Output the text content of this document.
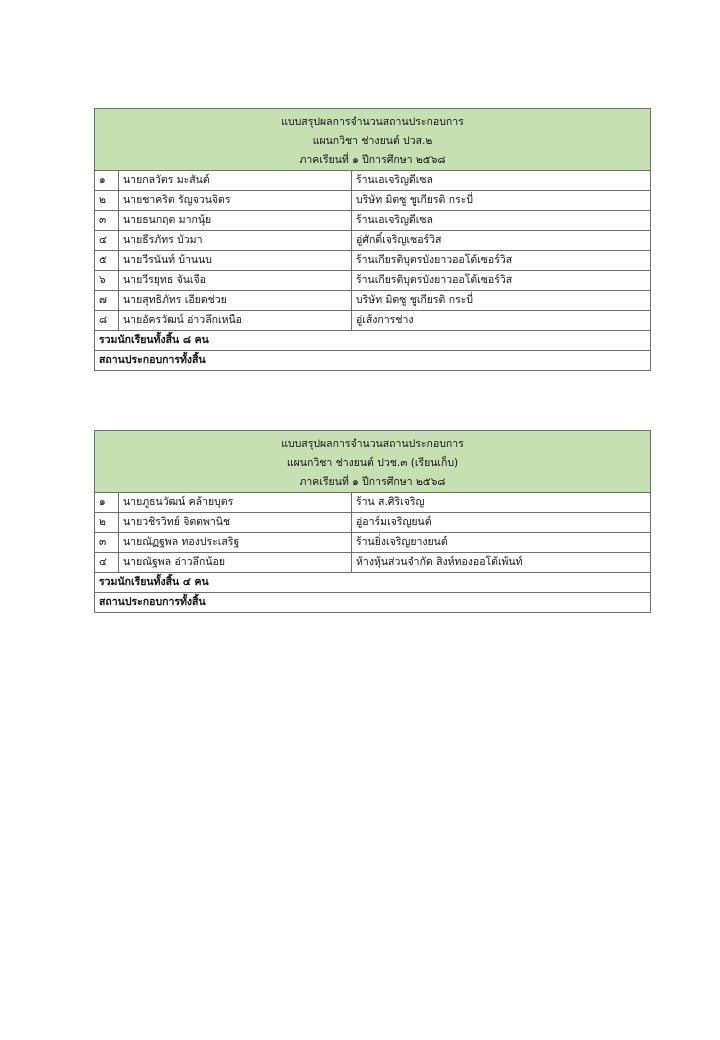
แบบสรุปผลการจำนวนสถานประกอบการ
แผนกวิชา ช่างยนต์ ปวส.๒
ภาคเรียนที่ ๑ ปีการศึกษา ๒๕๖๘		

๑	นายกลวัตร มะสันต์	ร้านเอเจริญดีเซล
๒	นายชาคริต รัญจวนจิตร	บริษัท มิตซู ชูเกียรติ กระบี่
๓	นายธนกฤต มากนุ้ย	ร้านเอเจริญดีเซล
๔	นายธีรภัทร บัวมา	อู่ศักดิ์เจริญเซอร์วิส
๕	นายวีรนันท์ บ้านนบ	ร้านเกียรติบุตรบังยาวออโต้เซอร์วิส
๖	นายวีรยุทธ จันเจือ	ร้านเกียรติบุตรบังยาวออโต้เซอร์วิส
๗	นายสุทธิภัทร เอียดช่วย	บริษัท มิตซู ชูเกียรติ กระบี่
๘	นายอัครวัฒน์ อ่าวลึกเหนือ	อู่เส้งการช่าง
รวมนักเรียนทั้งสิ้น ๘ คน		
สถานประกอบการทั้งสิ้น		
แบบสรุปผลการจำนวนสถานประกอบการ
แผนกวิชา ช่างยนต์ ปวช.๓ (เรียนเก็บ)
ภาคเรียนที่ ๑ ปีการศึกษา ๒๕๖๘		

๑	นายภูธนวัฒน์ คล้ายบุตร	ร้าน ส.ศิริเจริญ
๒	นายวชิรวิทย์ จิตตพานิช	อู่อาร์มเจริญยนต์
๓	นายณัฏฐพล ทองประเสริฐ	ร้านยิ่งเจริญยางยนต์
๔	นายณัฐพล อ่าวลึกน้อย	ห้างหุ้นส่วนจำกัด สิงห์ทองออโต้เพ้นท์
รวมนักเรียนทั้งสิ้น ๔ คน		
สถานประกอบการทั้งสิ้น		
